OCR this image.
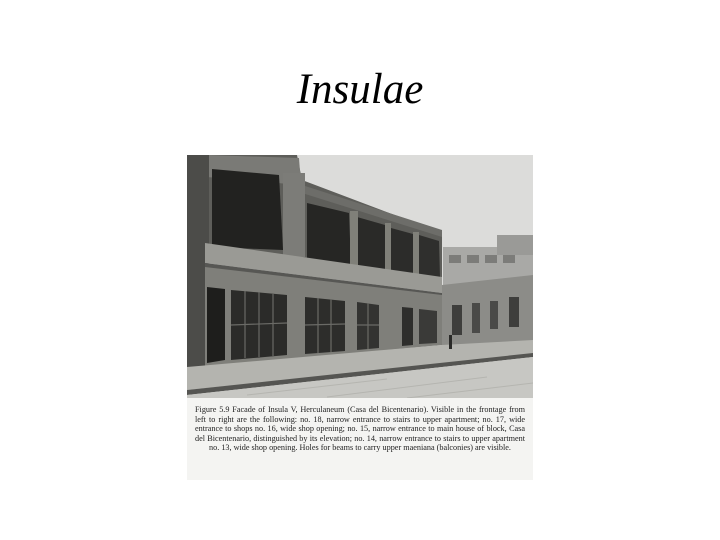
Insulae
Figure 5.9 Facade of Insula V, Herculaneum (Casa del Bicentenario). Visible in the frontage from left to right are the following: no. 18, narrow entrance to stairs to upper apartment; no. 17, wide entrance to shops no. 16, wide shop opening; no. 15, narrow entrance to main house of block, Casa del Bicentenario, distinguished by its elevation; no. 14, narrow entrance to stairs to upper apartment no. 13, wide shop opening. Holes for beams to carry upper maeniana (balconies) are visible.
